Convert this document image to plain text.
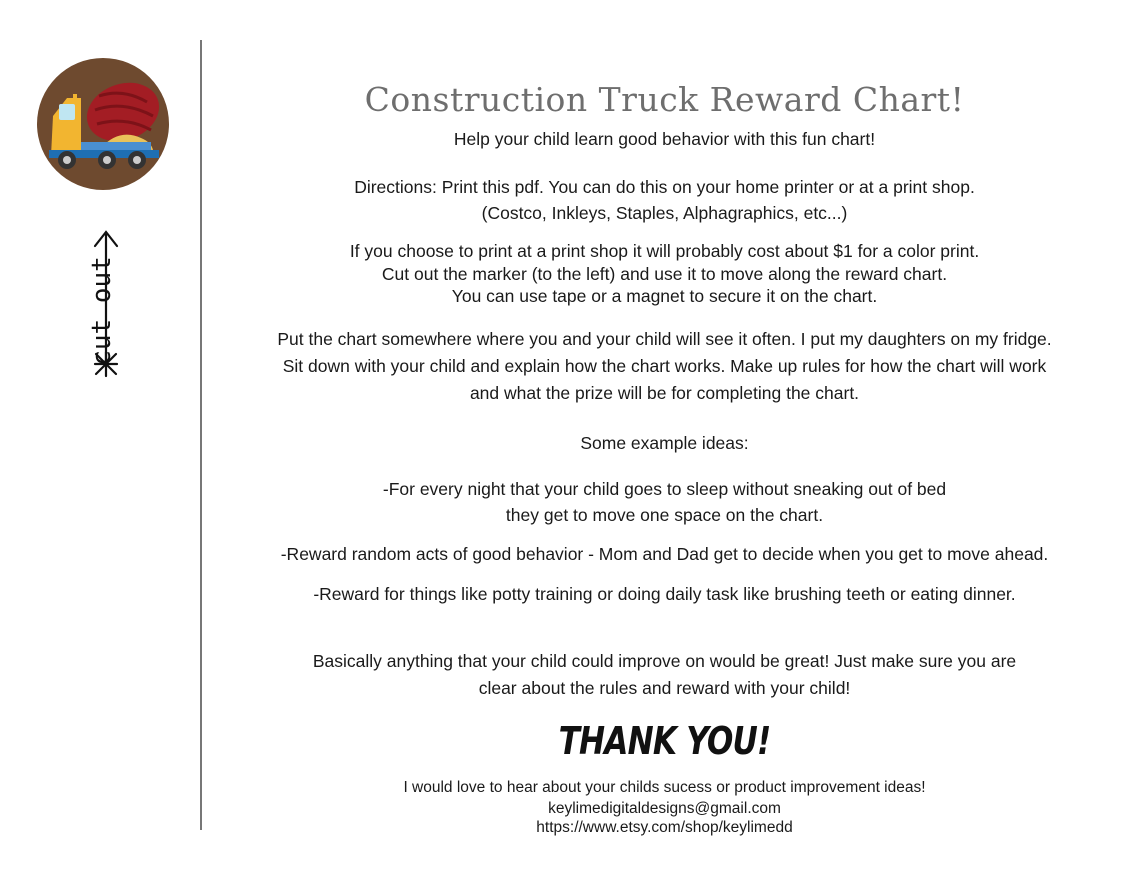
cut out
Construction Truck Reward Chart!
Help your child learn good behavior with this fun chart!
Directions: Print this pdf. You can do this on your home printer or at a print shop.
(Costco, Inkleys, Staples, Alphagraphics, etc...)
If you choose to print at a print shop it will probably cost about $1 for a color print.
Cut out the marker (to the left) and use it to move along the reward chart.
You can use tape or a magnet to secure it on the chart.
Put the chart somewhere where you and your child will see it often. I put my daughters on my fridge.
Sit down with your child and explain how the chart works. Make up rules for how the chart will work
and what the prize will be for completing the chart.
Some example ideas:
-For every night that your child goes to sleep without sneaking out of bed
they get to move one space on the chart.
-Reward random acts of good behavior - Mom and Dad get to decide when you get to move ahead.
-Reward for things like potty training or doing daily task like brushing teeth or eating dinner.
Basically anything that your child could improve on would be great! Just make sure you are
clear about the rules and reward with your child!
THANK YOU!
I would love to hear about your childs sucess or product improvement ideas!
keylimedigitaldesigns@gmail.com
https://www.etsy.com/shop/keylimedd
